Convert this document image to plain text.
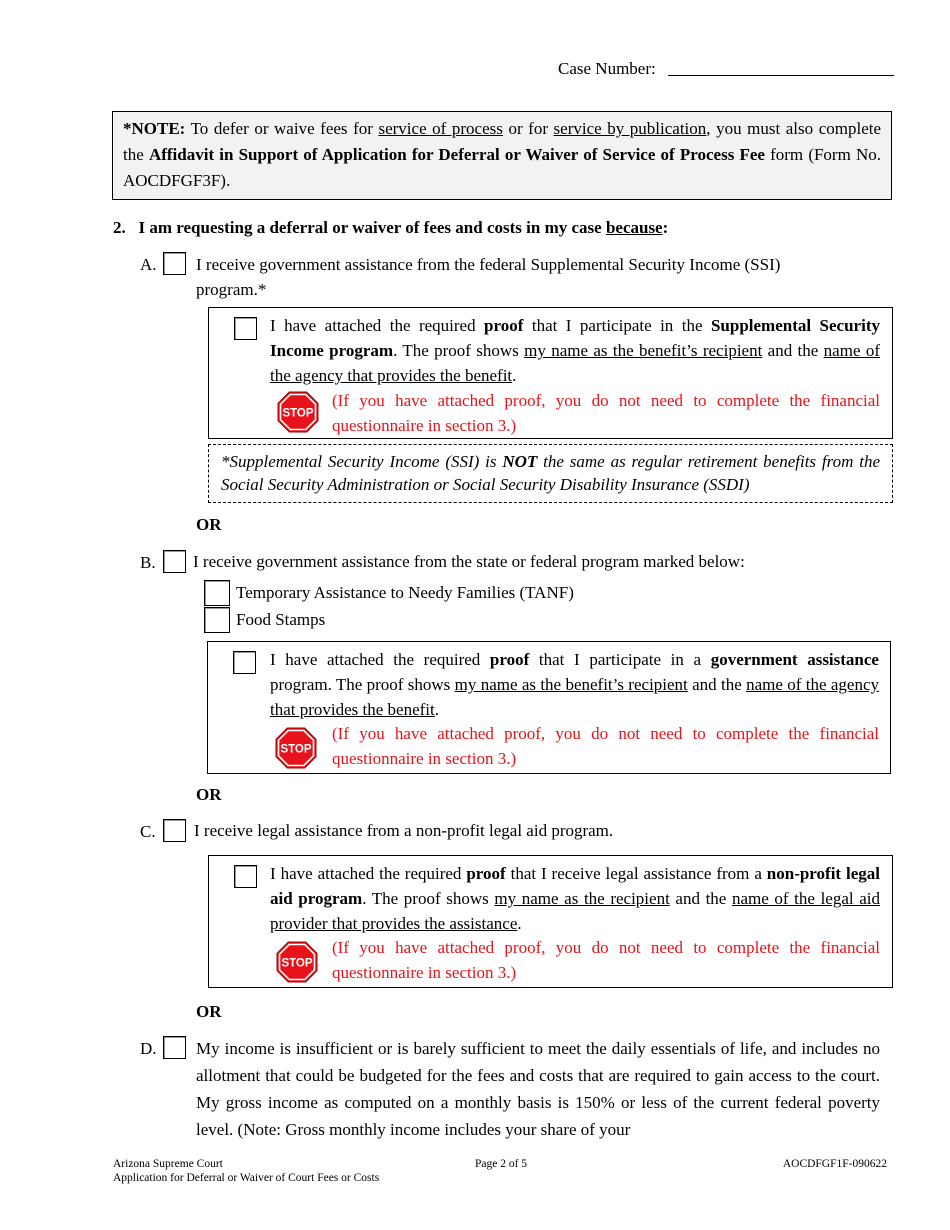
Case Number:
*NOTE: To defer or waive fees for service of process or for service by publication, you must also complete the Affidavit in Support of Application for Deferral or Waiver of Service of Process Fee form (Form No. AOCDFGF3F).
2.   I am requesting a deferral or waiver of fees and costs in my case because:
A. I receive government assistance from the federal Supplemental Security Income (SSI) program.*
I have attached the required proof that I participate in the Supplemental Security Income program. The proof shows my name as the benefit’s recipient and the name of the agency that provides the benefit.
STOP
(If you have attached proof, you do not need to complete the financial questionnaire in section 3.)
*Supplemental Security Income (SSI) is NOT the same as regular retirement benefits from the Social Security Administration or Social Security Disability Insurance (SSDI)
OR
B. I receive government assistance from the state or federal program marked below:
Temporary Assistance to Needy Families (TANF)
Food Stamps
I have attached the required proof that I participate in a government assistance program. The proof shows my name as the benefit’s recipient and the name of the agency that provides the benefit.
STOP
(If you have attached proof, you do not need to complete the financial questionnaire in section 3.)
OR
C. I receive legal assistance from a non-profit legal aid program.
I have attached the required proof that I receive legal assistance from a non-profit legal aid program. The proof shows my name as the recipient and the name of the legal aid provider that provides the assistance.
STOP
(If you have attached proof, you do not need to complete the financial questionnaire in section 3.)
OR
D. My income is insufficient or is barely sufficient to meet the daily essentials of life, and includes no allotment that could be budgeted for the fees and costs that are required to gain access to the court. My gross income as computed on a monthly basis is 150% or less of the current federal poverty level. (Note: Gross monthly income includes your share of your
Arizona Supreme Court
Application for Deferral or Waiver of Court Fees or Costs
Page 2 of 5	AOCDFGF1F-090622
